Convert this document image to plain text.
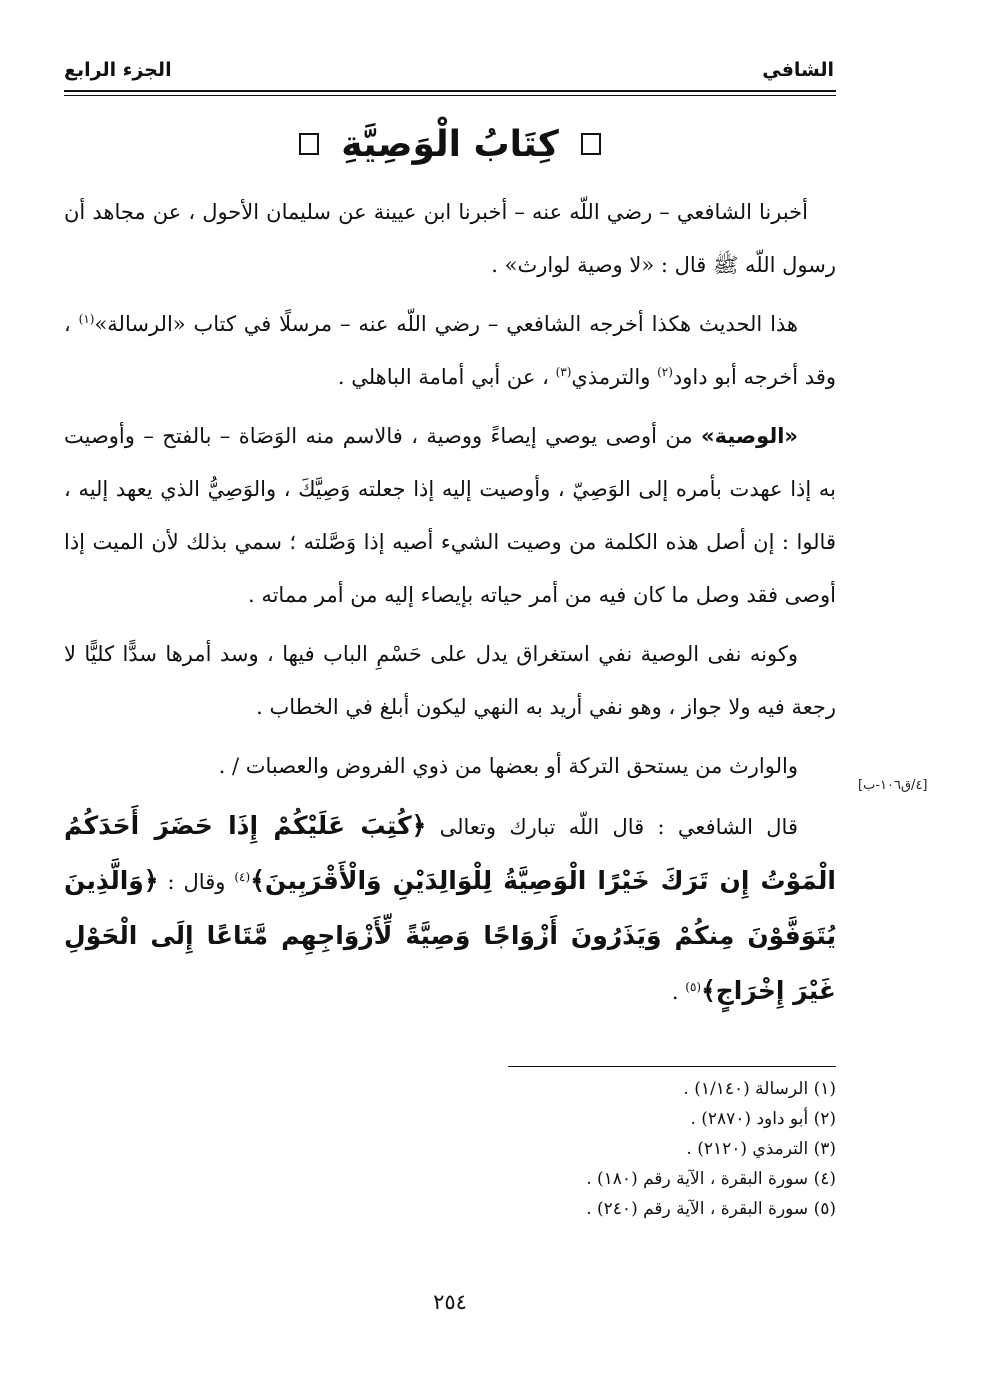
الشافي
الجزء الرابع
كِتَابُ الْوَصِيَّةِ

أخبرنا الشافعي – رضي اللّه عنه – أخبرنا ابن عيينة عن سليمان الأحول ، عن مجاهد أن رسول اللّه ﷺ قال : «لا وصية لوارث» .

هذا الحديث هكذا أخرجه الشافعي – رضي اللّه عنه – مرسلًا في كتاب «الرسالة»$^{(١)}$ ، وقد أخرجه أبو داود$^{(٢)}$ والترمذي$^{(٣)}$ ، عن أبي أمامة الباهلي .

«الوصية» من أوصى يوصي إيصاءً ووصية ، فالاسم منه الوَصَاة – بالفتح – وأوصيت به إذا عهدت بأمره إلى الوَصِيّ ، وأوصيت إليه إذا جعلته وَصِيَّكَ ، والوَصِيُّ الذي يعهد إليه ، قالوا : إن أصل هذه الكلمة من وصيت الشيء أصيه إذا وَصَّلته ؛ سمي بذلك لأن الميت إذا أوصى فقد وصل ما كان فيه من أمر حياته بإيصاء إليه من أمر مماته .

وكونه نفى الوصية نفي استغراق يدل على حَسْمِ الباب فيها ، وسد أمرها سدًّا كليًّا لا رجعة فيه ولا جواز ، وهو نفي أريد به النهي ليكون أبلغ في الخطاب .

والوارث من يستحق التركة أو بعضها من ذوي الفروض والعصبات / .

قال الشافعي : قال اللّه تبارك وتعالى ﴿كُتِبَ عَلَيْكُمْ إِذَا حَضَرَ أَحَدَكُمُ الْمَوْتُ إِن تَرَكَ خَيْرًا الْوَصِيَّةُ لِلْوَالِدَيْنِ وَالْأَقْرَبِينَ﴾$^{(٤)}$ وقال : ﴿وَالَّذِينَ يُتَوَفَّوْنَ مِنكُمْ وَيَذَرُونَ أَزْوَاجًا وَصِيَّةً لِّأَزْوَاجِهِم مَّتَاعًا إِلَى الْحَوْلِ غَيْرَ إِخْرَاجٍ﴾$^{(٥)}$ .

[٤/ق١٠٦-ب]
(١) الرسالة (١/١٤٠) .
(٢) أبو داود (٢٨٧٠) .
(٣) الترمذي (٢١٢٠) .
(٤) سورة البقرة ، الآية رقم (١٨٠) .
(٥) سورة البقرة ، الآية رقم (٢٤٠) .
٢٥٤
